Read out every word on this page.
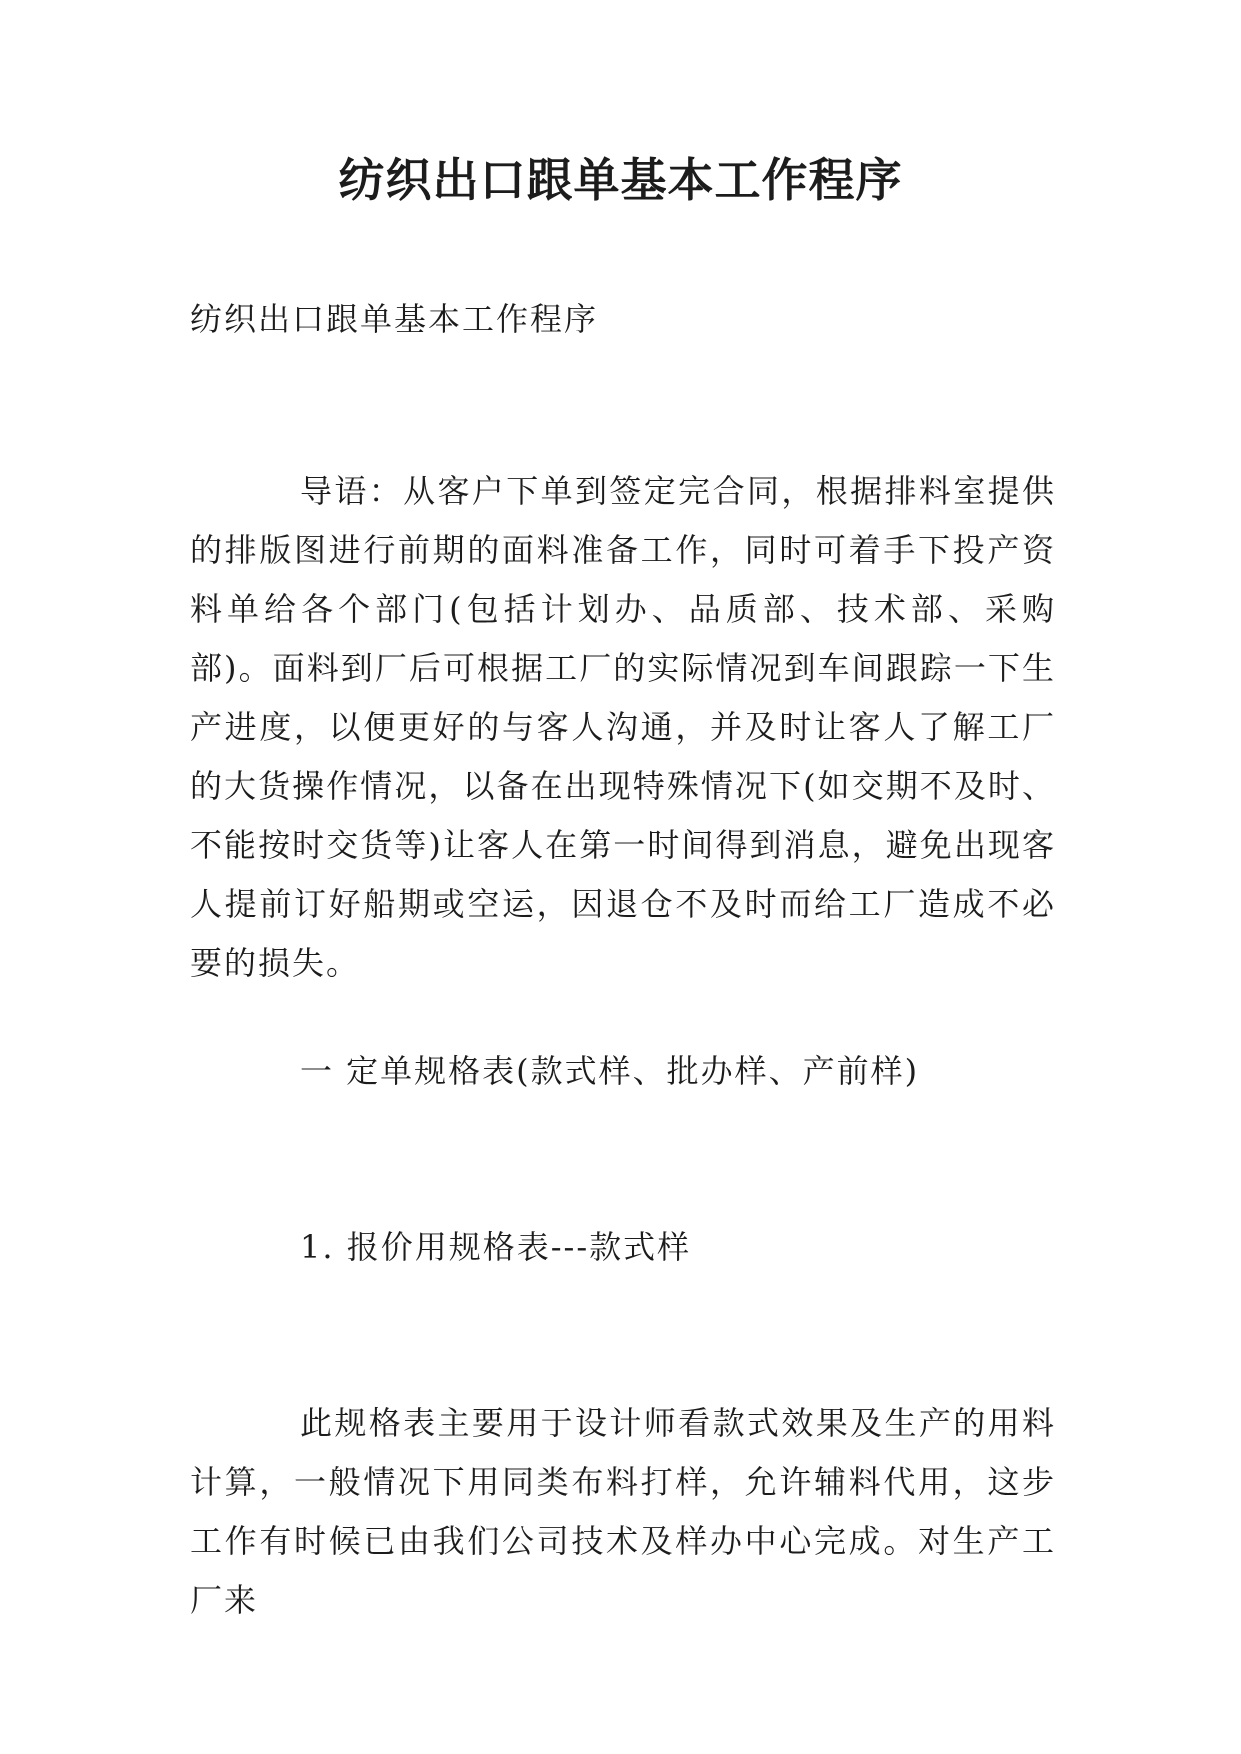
纺织出口跟单基本工作程序

纺织出口跟单基本工作程序

导语：从客户下单到签定完合同，根据排料室提供的排版图进行前期的面料准备工作，同时可着手下投产资料单给各个部门(包括计划办、品质部、技术部、采购部)。面料到厂后可根据工厂的实际情况到车间跟踪一下生产进度，以便更好的与客人沟通，并及时让客人了解工厂的大货操作情况，以备在出现特殊情况下(如交期不及时、不能按时交货等)让客人在第一时间得到消息，避免出现客人提前订好船期或空运，因退仓不及时而给工厂造成不必要的损失。

一 定单规格表(款式样、批办样、产前样)

1. 报价用规格表---款式样

此规格表主要用于设计师看款式效果及生产的用料计算，一般情况下用同类布料打样，允许辅料代用，这步工作有时候已由我们公司技术及样办中心完成。对生产工厂来
